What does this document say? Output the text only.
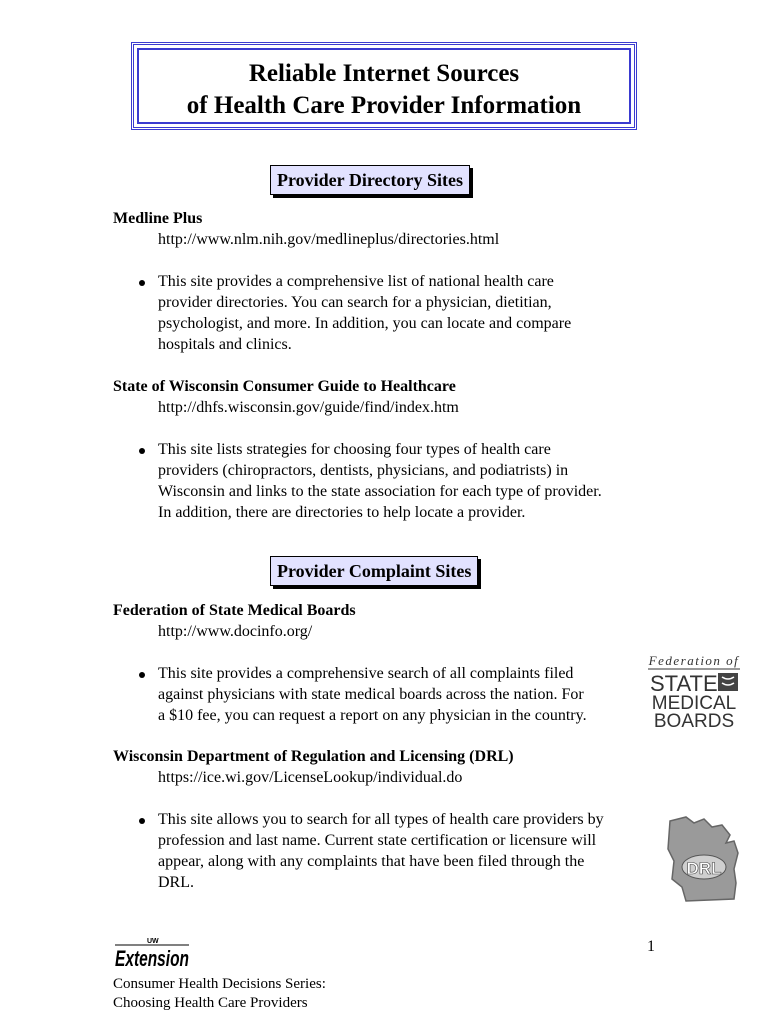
Reliable Internet Sources
of Health Care Provider Information
Provider Directory Sites
Medline Plus
http://www.nlm.nih.gov/medlineplus/directories.html
This site provides a comprehensive list of national health care
provider directories. You can search for a physician, dietitian,
psychologist, and more. In addition, you can locate and compare
hospitals and clinics.
State of Wisconsin Consumer Guide to Healthcare
http://dhfs.wisconsin.gov/guide/find/index.htm
This site lists strategies for choosing four types of health care
providers (chiropractors, dentists, physicians, and podiatrists) in
Wisconsin and links to the state association for each type of provider.
In addition, there are directories to help locate a provider.
Provider Complaint Sites
Federation of State Medical Boards
http://www.docinfo.org/
This site provides a comprehensive search of all complaints filed
against physicians with state medical boards across the nation. For
a $10 fee, you can request a report on any physician in the country.
Federation of
STATE
MEDICAL
BOARDS
Wisconsin Department of Regulation and Licensing (DRL)
https://ice.wi.gov/LicenseLookup/individual.do
This site allows you to search for all types of health care providers by
profession and last name. Current state certification or licensure will
appear, along with any complaints that have been filed through the
DRL.
DRL
UW
Extension	1
Consumer Health Decisions Series:
Choosing Health Care Providers
